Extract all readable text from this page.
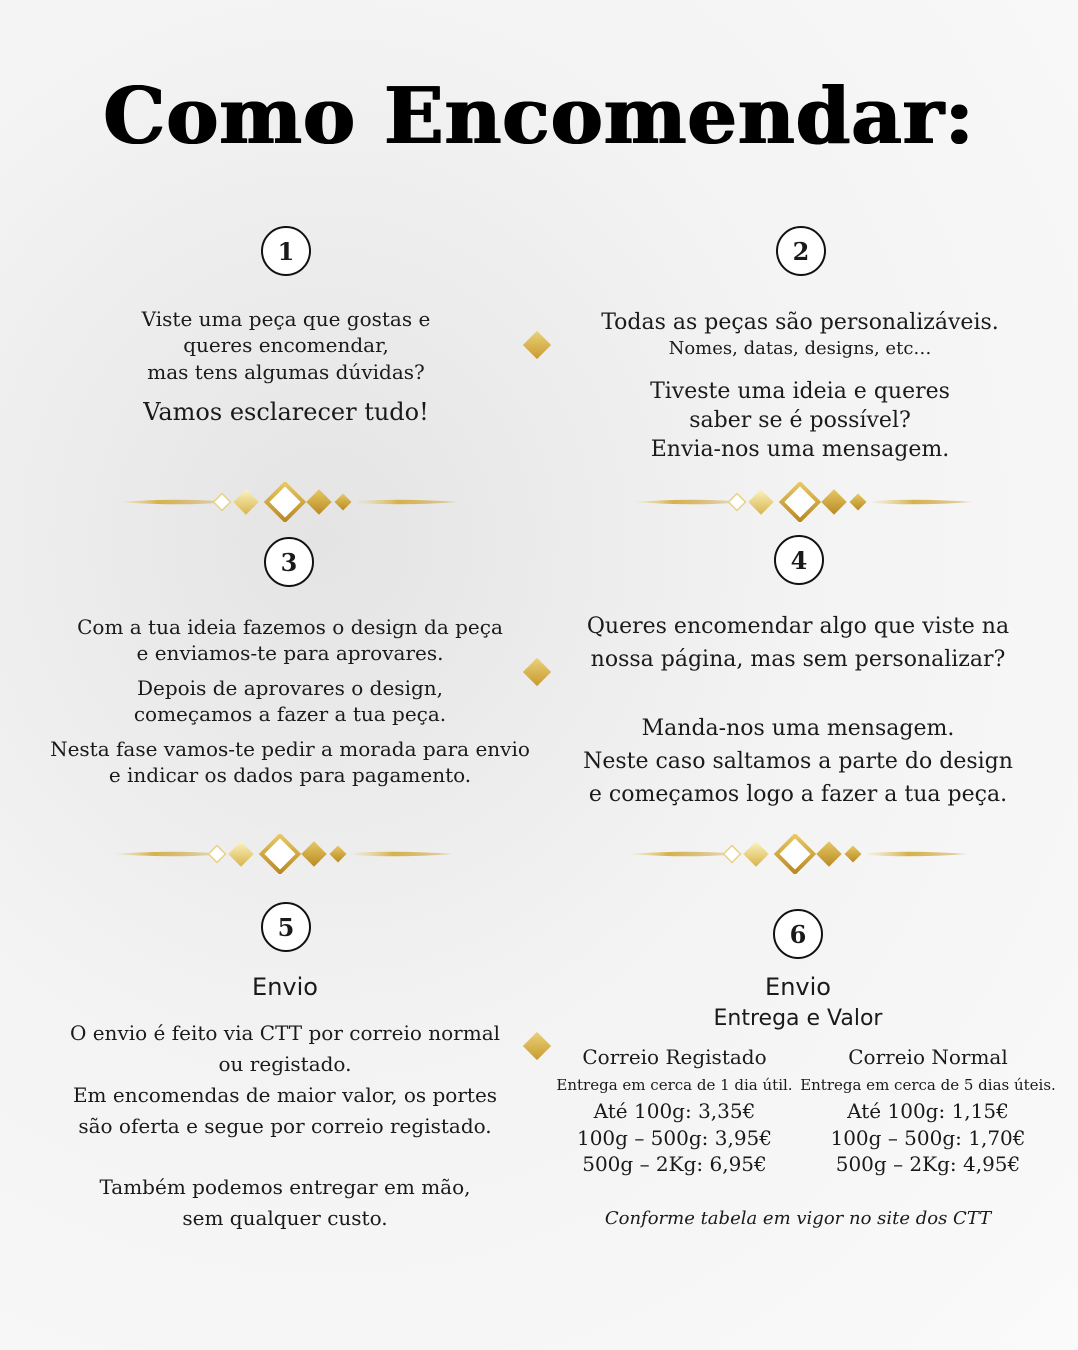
Como Encomendar:
1

Viste uma peça que gostas e

queres encomendar,

mas tens algumas dúvidas?

Vamos esclarecer tudo!

2

Todas as peças são personalizáveis.

Nomes, datas, designs, etc…

Tiveste uma ideia e queres

saber se é possível?

Envia-nos uma mensagem.

3

Com a tua ideia fazemos o design da peça

e enviamos-te para aprovares.

Depois de aprovares o design,

começamos a fazer a tua peça.

Nesta fase vamos-te pedir a morada para envio

e indicar os dados para pagamento.

4

Queres encomendar algo que viste na

nossa página, mas sem personalizar?

Manda-nos uma mensagem.

Neste caso saltamos a parte do design

e começamos logo a fazer a tua peça.

5

Envio

O envio é feito via CTT por correio normal

ou registado.

Em encomendas de maior valor, os portes

são oferta e segue por correio registado.

Também podemos entregar em mão,

sem qualquer custo.

6

Envio

Entrega e Valor

Correio Registado

Entrega em cerca de 1 dia útil.

Até 100g: 3,35€

100g – 500g: 3,95€

500g – 2Kg: 6,95€

Correio Normal

Entrega em cerca de 5 dias úteis.

Até 100g: 1,15€

100g – 500g: 1,70€

500g – 2Kg: 4,95€

Conforme tabela em vigor no site dos CTT
